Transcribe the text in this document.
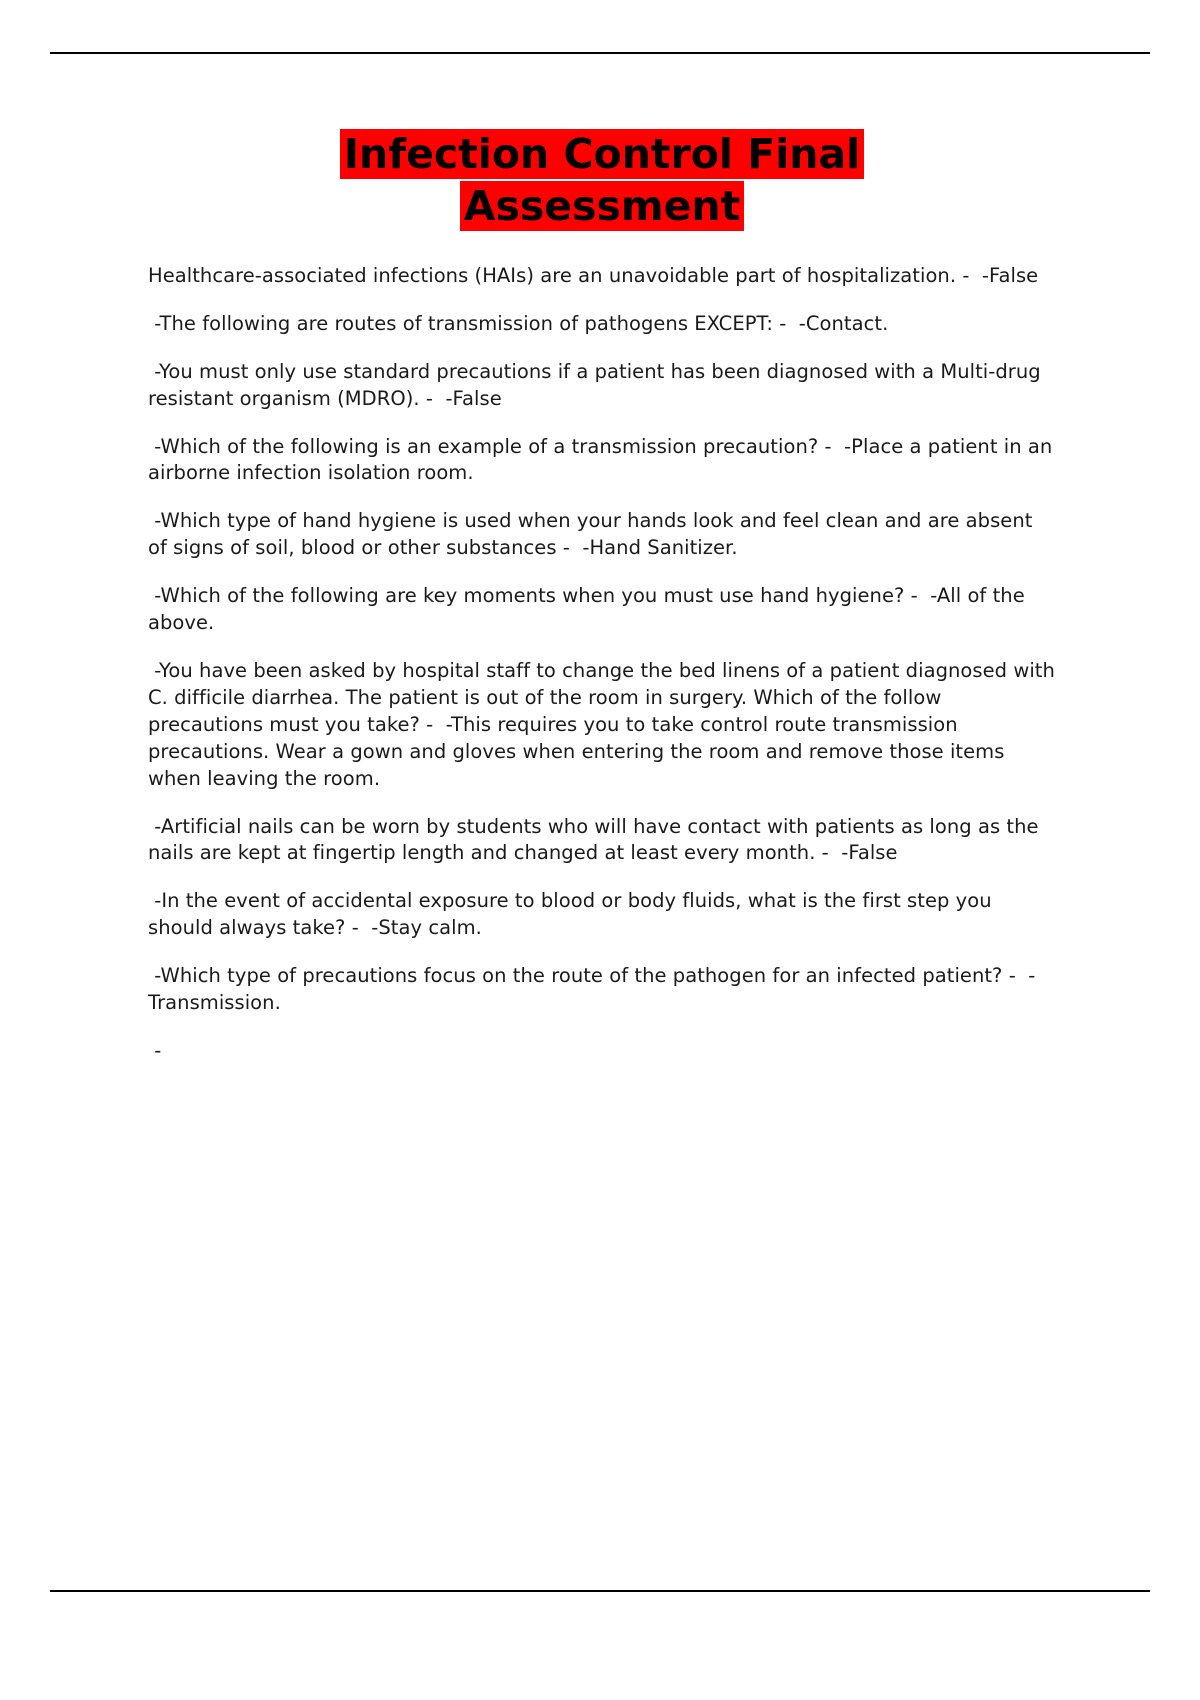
Infection Control Final
Assessment

Healthcare-associated infections (HAIs) are an unavoidable part of hospitalization. -  -False

-The following are routes of transmission of pathogens EXCEPT: -  -Contact.

-You must only use standard precautions if a patient has been diagnosed with a Multi-drug resistant organism (MDRO). -  -False

-Which of the following is an example of a transmission precaution? -  -Place a patient in an airborne infection isolation room.

-Which type of hand hygiene is used when your hands look and feel clean and are absent of signs of soil, blood or other substances -  -Hand Sanitizer.

-Which of the following are key moments when you must use hand hygiene? -  -All of the above.

-You have been asked by hospital staff to change the bed linens of a patient diagnosed with C. difficile diarrhea. The patient is out of the room in surgery. Which of the follow precautions must you take? -  -This requires you to take control route transmission precautions. Wear a gown and gloves when entering the room and remove those items when leaving the room.

-Artificial nails can be worn by students who will have contact with patients as long as the nails are kept at fingertip length and changed at least every month. -  -False

-In the event of accidental exposure to blood or body fluids, what is the first step you should always take? -  -Stay calm.

-Which type of precautions focus on the route of the pathogen for an infected patient? -  -Transmission.

-
